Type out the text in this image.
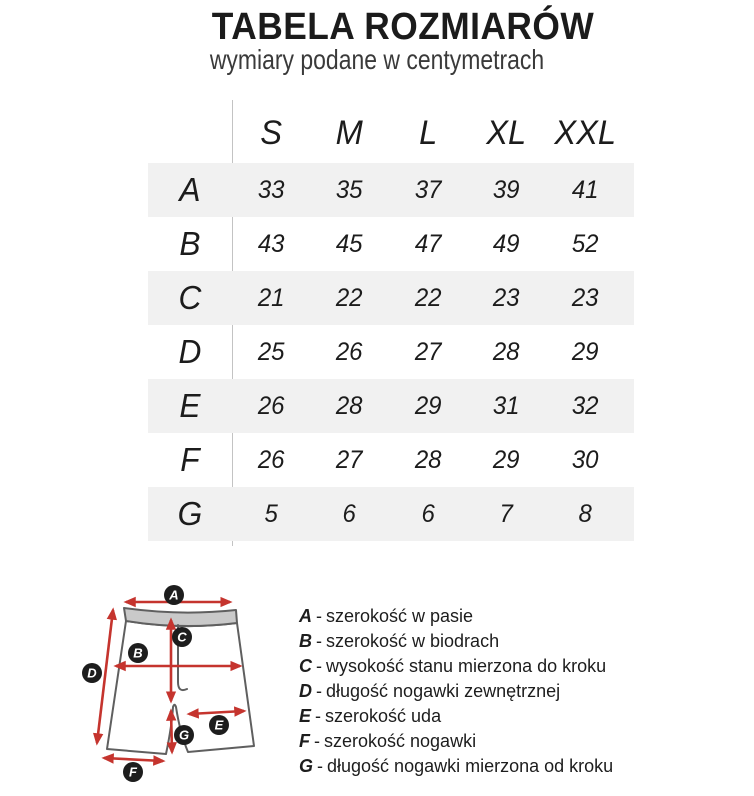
TABELA ROZMIARÓW
wymiary podane w centymetrach
S	M	L	XL XXL
A	33	35	37	39	41
B	43	45	47	49	52
C	21	22	22	23	23
D	25	26	27	28	29
E	26	28	29	31	32
F	26	27	28	29	30
G	5	6	6	7	8
A
D
C
B
E
G
F
A - szerokość w pasie
B - szerokość w biodrach
C - wysokość stanu mierzona do kroku
D - długość nogawki zewnętrznej
E - szerokość uda
F - szerokość nogawki
G - długość nogawki mierzona od kroku
